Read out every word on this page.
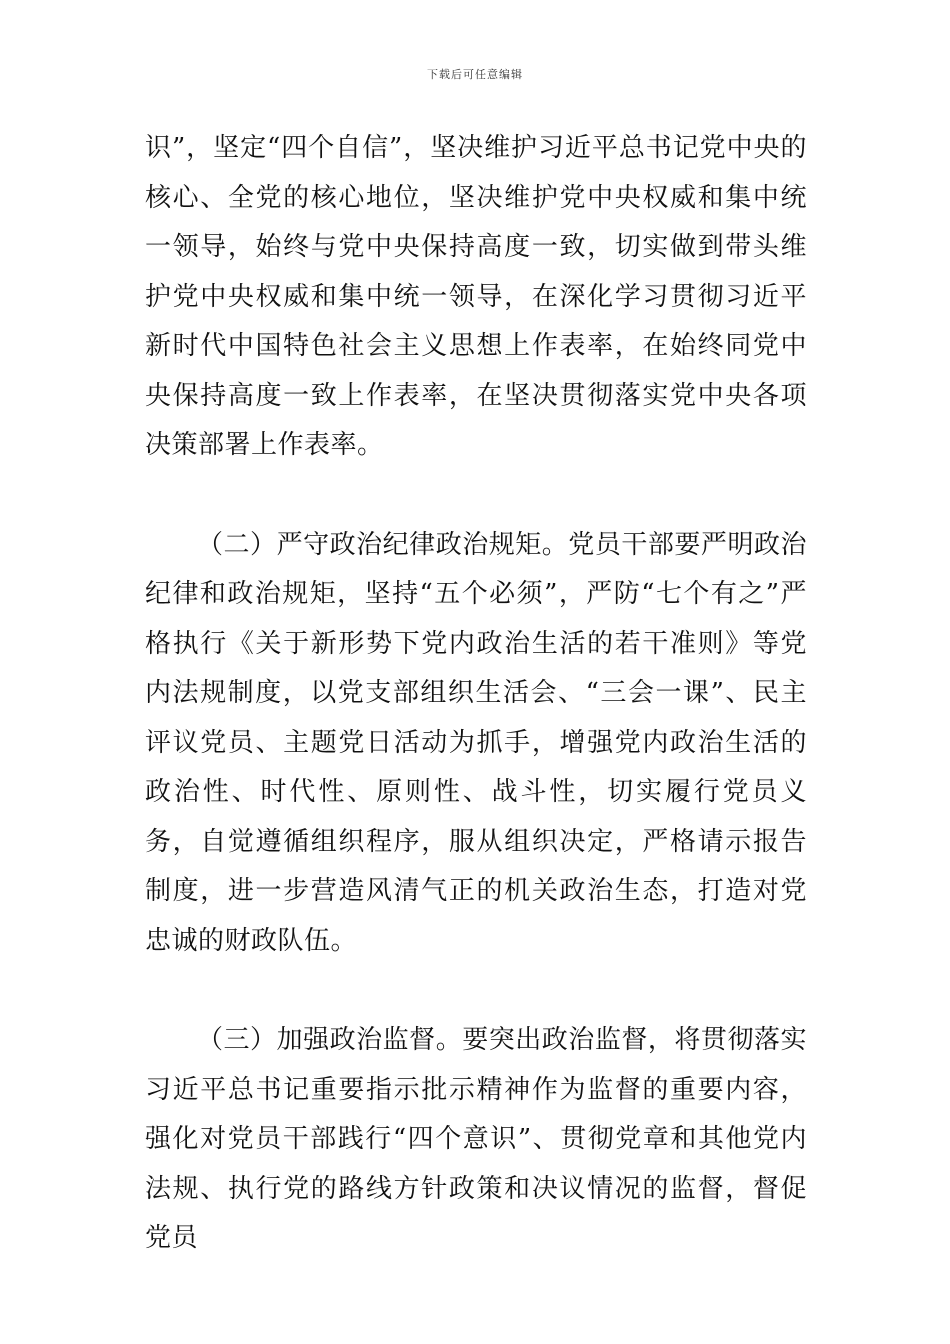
下载后可任意编辑

识”，坚定“四个自信”，坚决维护习近平总书记党中央的核心、全党的核心地位，坚决维护党中央权威和集中统一领导，始终与党中央保持高度一致，切实做到带头维护党中央权威和集中统一领导，在深化学习贯彻习近平新时代中国特色社会主义思想上作表率，在始终同党中央保持高度一致上作表率，在坚决贯彻落实党中央各项决策部署上作表率。

（二）严守政治纪律政治规矩。党员干部要严明政治纪律和政治规矩，坚持“五个必须”，严防“七个有之”严格执行《关于新形势下党内政治生活的若干准则》等党内法规制度，以党支部组织生活会、“三会一课”、民主评议党员、主题党日活动为抓手，增强党内政治生活的政治性、时代性、原则性、战斗性，切实履行党员义务，自觉遵循组织程序，服从组织决定，严格请示报告制度，进一步营造风清气正的机关政治生态，打造对党忠诚的财政队伍。

（三）加强政治监督。要突出政治监督，将贯彻落实习近平总书记重要指示批示精神作为监督的重要内容，强化对党员干部践行“四个意识”、贯彻党章和其他党内法规、执行党的路线方针政策和决议情况的监督，督促党员
